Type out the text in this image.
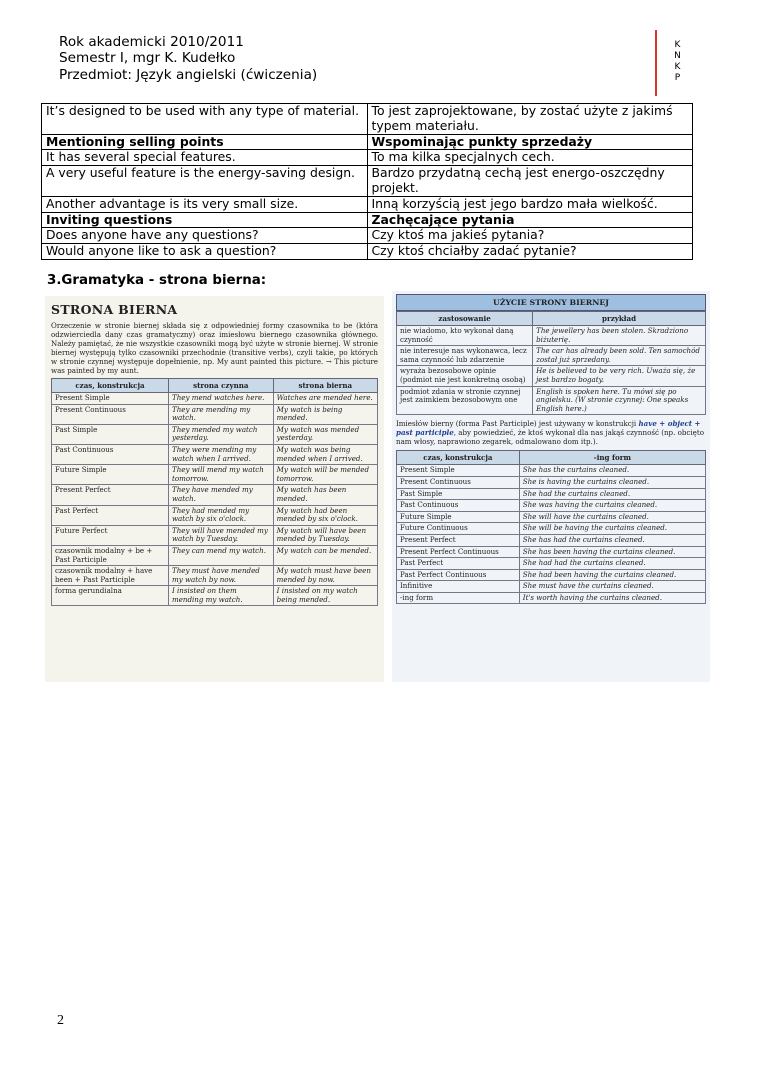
Rok akademicki 2010/2011
Semestr I, mgr K. Kudełko
Przedmiot: Język angielski (ćwiczenia)
K
N
K
P
It’s designed to be used with any type of material.	To jest zaprojektowane, by zostać użyte z jakimś typem materiału.
Mentioning selling points	Wspominając punkty sprzedaży
It has several special features.	To ma kilka specjalnych cech.
A very useful feature is the energy-saving design.	Bardzo przydatną cechą jest energo-oszczędny projekt.
Another advantage is its very small size.	Inną korzyścią jest jego bardzo mała wielkość.
Inviting questions	Zachęcające pytania
Does anyone have any questions?	Czy ktoś ma jakieś pytania?
Would anyone like to ask a question?	Czy ktoś chciałby zadać pytanie?
3.Gramatyka - strona bierna:
STRONA BIERNA
Orzeczenie w stronie biernej składa się z odpowiedniej formy czasownika to be (która odzwierciedla dany czas gramatyczny) oraz imiesłowu biernego czasownika głównego. Należy pamiętać, że nie wszystkie czasowniki mogą być użyte w stronie biernej. W stronie biernej występują tylko czasowniki przechodnie (transitive verbs), czyli takie, po których w stronie czynnej występuje dopełnienie, np. My aunt painted this picture. → This picture was painted by my aunt.
czas, konstrukcja	strona czynna	strona bierna
Present Simple	They mend watches here.	Watches are mended here.
Present Continuous	They are mending my watch.	My watch is being mended.
Past Simple	They mended my watch yesterday.	My watch was mended yesterday.
Past Continuous	They were mending my watch when I arrived.	My watch was being mended when I arrived.
Future Simple	They will mend my watch tomorrow.	My watch will be mended tomorrow.
Present Perfect	They have mended my watch.	My watch has been mended.
Past Perfect	They had mended my watch by six o'clock.	My watch had been mended by six o'clock.
Future Perfect	They will have mended my watch by Tuesday.	My watch will have been mended by Tuesday.
czasownik modalny + be + Past Participle	They can mend my watch.	My watch can be mended.
czasownik modalny + have been + Past Participle	They must have mended my watch by now.	My watch must have been mended by now.
forma gerundialna	I insisted on them mending my watch.	I insisted on my watch being mended.
UŻYCIE STRONY BIERNEJ
zastosowanie	przykład
nie wiadomo, kto wykonał daną czynność	The jewellery has been stolen. Skradziono biżuterię.
nie interesuje nas wykonawca, lecz sama czynność lub zdarzenie	The car has already been sold. Ten samochód został już sprzedany.
wyraża bezosobowe opinie (podmiot nie jest konkretną osobą)	He is believed to be very rich. Uważa się, że jest bardzo bogaty.
podmiot zdania w stronie czynnej jest zaimkiem bezosobowym one	English is spoken here. Tu mówi się po angielsku. (W stronie czynnej: One speaks English here.)
Imiesłów bierny (forma Past Participle) jest używany w konstrukcji have + object + past participle, aby powiedzieć, że ktoś wykonał dla nas jakąś czynność (np. obcięto nam włosy, naprawiono zegarek, odmalowano dom itp.).
czas, konstrukcja	-ing form
Present Simple	She has the curtains cleaned.
Present Continuous	She is having the curtains cleaned.
Past Simple	She had the curtains cleaned.
Past Continuous	She was having the curtains cleaned.
Future Simple	She will have the curtains cleaned.
Future Continuous	She will be having the curtains cleaned.
Present Perfect	She has had the curtains cleaned.
Present Perfect Continuous	She has been having the curtains cleaned.
Past Perfect	She had had the curtains cleaned.
Past Perfect Continuous	She had been having the curtains cleaned.
Infinitive	She must have the curtains cleaned.
-ing form	It's worth having the curtains cleaned.
2
